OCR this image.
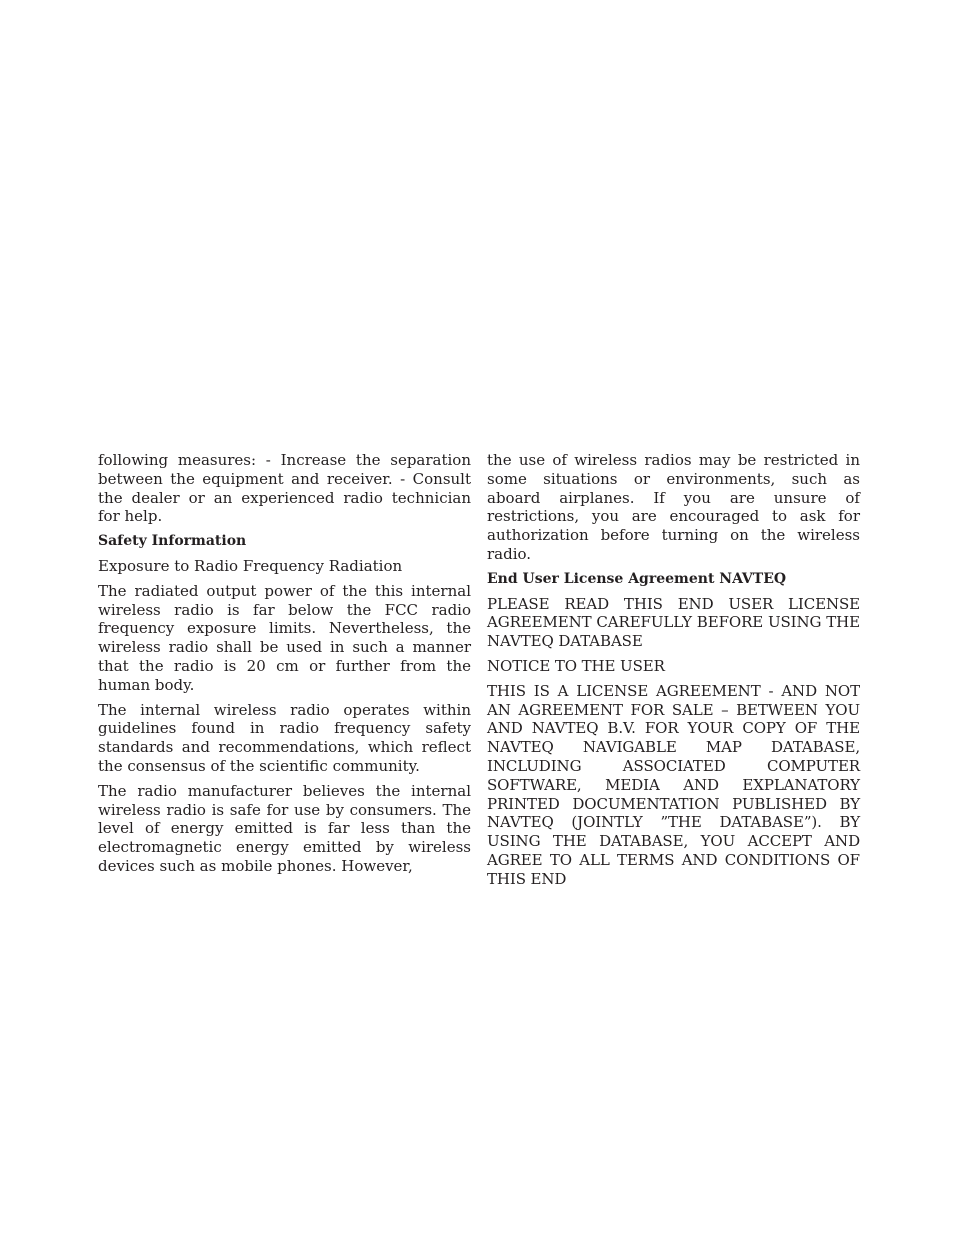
following measures: - Increase the separation between the equipment and receiver. - Consult the dealer or an experienced radio technician for help.

Safety Information

Exposure to Radio Frequency Radiation

The radiated output power of the this internal wireless radio is far below the FCC radio frequency exposure limits. Nevertheless, the wireless radio shall be used in such a manner that the radio is 20 cm or further from the human body.

The internal wireless radio operates within guidelines found in radio frequency safety standards and recommendations, which reflect the consensus of the scientific community.

The radio manufacturer believes the internal wireless radio is safe for use by consumers. The level of energy emitted is far less than the electromagnetic energy emitted by wireless devices such as mobile phones. However,

the use of wireless radios may be restricted in some situations or environments, such as aboard airplanes. If you are unsure of restrictions, you are encouraged to ask for authorization before turning on the wireless radio.

End User License Agreement NAVTEQ

PLEASE READ THIS END USER LICENSE AGREEMENT CAREFULLY BEFORE USING THE NAVTEQ DATABASE

NOTICE TO THE USER

THIS IS A LICENSE AGREEMENT - AND NOT AN AGREEMENT FOR SALE – BETWEEN YOU AND NAVTEQ B.V. FOR YOUR COPY OF THE NAVTEQ NAVIGABLE MAP DATABASE, INCLUDING ASSOCIATED COMPUTER SOFTWARE, MEDIA AND EXPLANATORY PRINTED DOCUMENTATION PUBLISHED BY NAVTEQ (JOINTLY ”THE DATABASE”). BY USING THE DATABASE, YOU ACCEPT AND AGREE TO ALL TERMS AND CONDITIONS OF THIS END
